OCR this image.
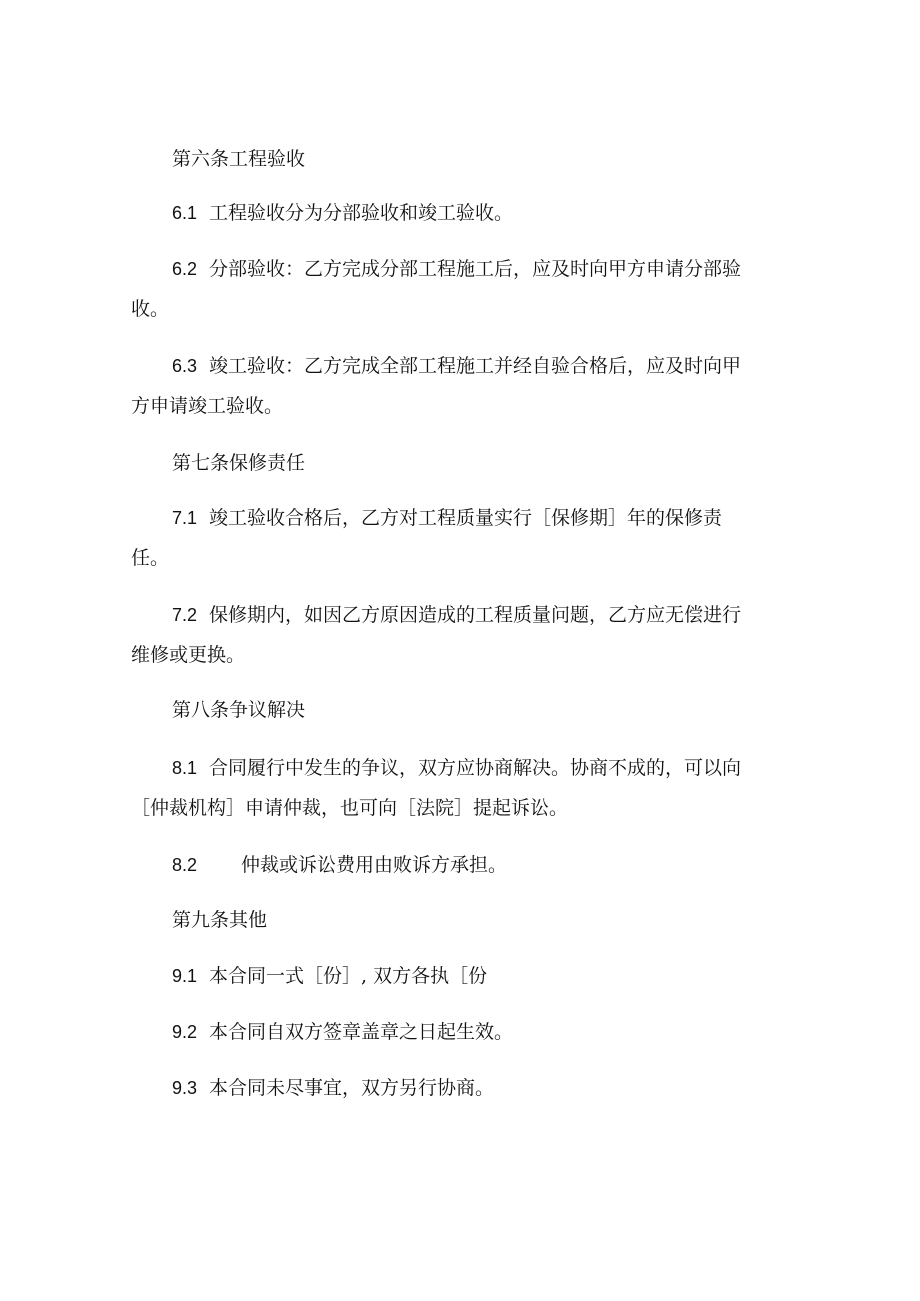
第六条工程验收
6.1 工程验收分为分部验收和竣工验收。
6.2 分部验收：乙方完成分部工程施工后，应及时向甲方申请分部验
收。
6.3 竣工验收：乙方完成全部工程施工并经自验合格后，应及时向甲
方申请竣工验收。
第七条保修责任
7.1 竣工验收合格后，乙方对工程质量实行［保修期］年的保修责
任。
7.2 保修期内，如因乙方原因造成的工程质量问题，乙方应无偿进行
维修或更换。
第八条争议解决
8.1 合同履行中发生的争议，双方应协商解决。协商不成的，可以向
［仲裁机构］申请仲裁，也可向［法院］提起诉讼。
8.2 仲裁或诉讼费用由败诉方承担。
第九条其他
9.1 本合同一式［份］, 双方各执［份
9.2 本合同自双方签章盖章之日起生效。
9.3 本合同未尽事宜，双方另行协商。
